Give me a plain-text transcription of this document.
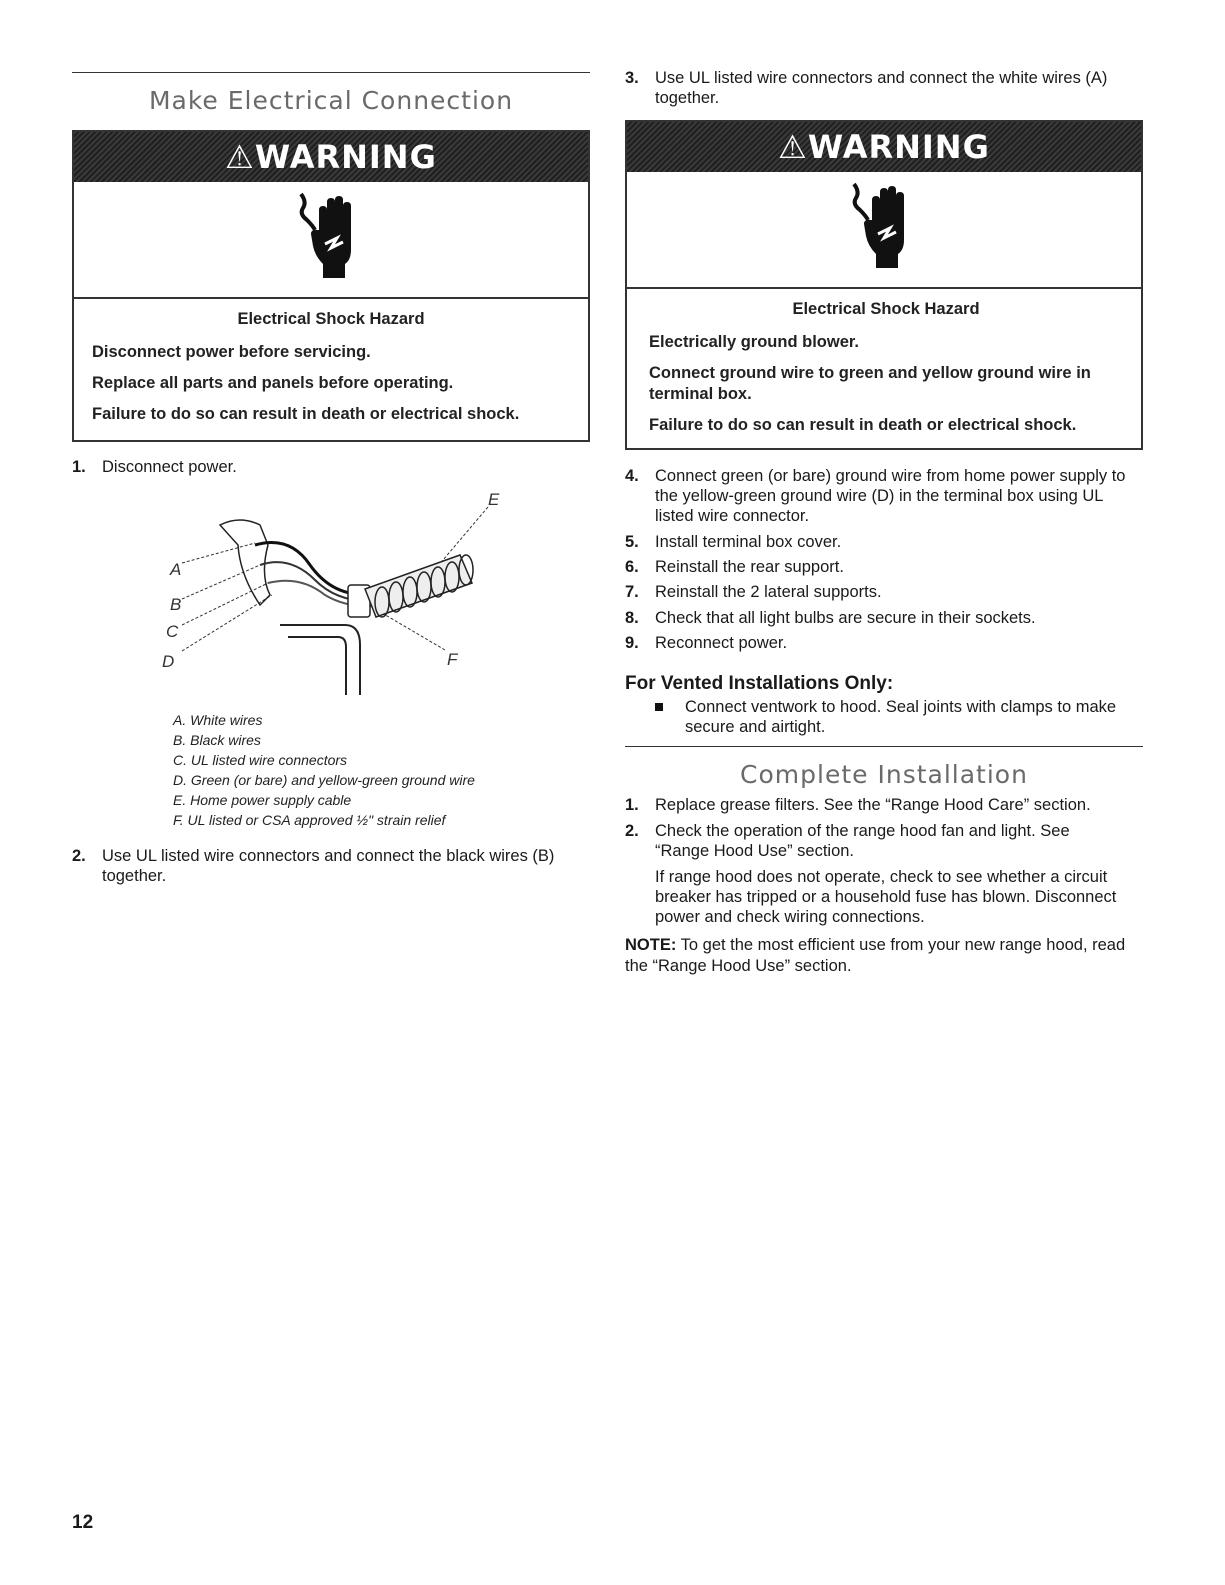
Make Electrical Connection
⚠WARNING

Electrical Shock Hazard

Disconnect power before servicing.

Replace all parts and panels before operating.

Failure to do so can result in death or electrical shock.

1. Disconnect power.
A
B
C
D
E
F
A. White wires
B. Black wires
C. UL listed wire connectors
D. Green (or bare) and yellow-green ground wire
E. Home power supply cable
F. UL listed or CSA approved ½" strain relief
2. Use UL listed wire connectors and connect the black wires (B) together.
3. Use UL listed wire connectors and connect the white wires (A) together.
⚠WARNING

Electrical Shock Hazard

Electrically ground blower.

Connect ground wire to green and yellow ground wire in terminal box.

Failure to do so can result in death or electrical shock.

4. Connect green (or bare) ground wire from home power supply to the yellow-green ground wire (D) in the terminal box using UL listed wire connector.
5. Install terminal box cover.
6. Reinstall the rear support.
7. Reinstall the 2 lateral supports.
8. Check that all light bulbs are secure in their sockets.
9. Reconnect power.
For Vented Installations Only:
Connect ventwork to hood. Seal joints with clamps to make secure and airtight.
Complete Installation
1. Replace grease filters. See the “Range Hood Care” section.
2. Check the operation of the range hood fan and light. See “Range Hood Use” section.
If range hood does not operate, check to see whether a circuit breaker has tripped or a household fuse has blown. Disconnect power and check wiring connections.
NOTE: To get the most efficient use from your new range hood, read the “Range Hood Use” section.
12
